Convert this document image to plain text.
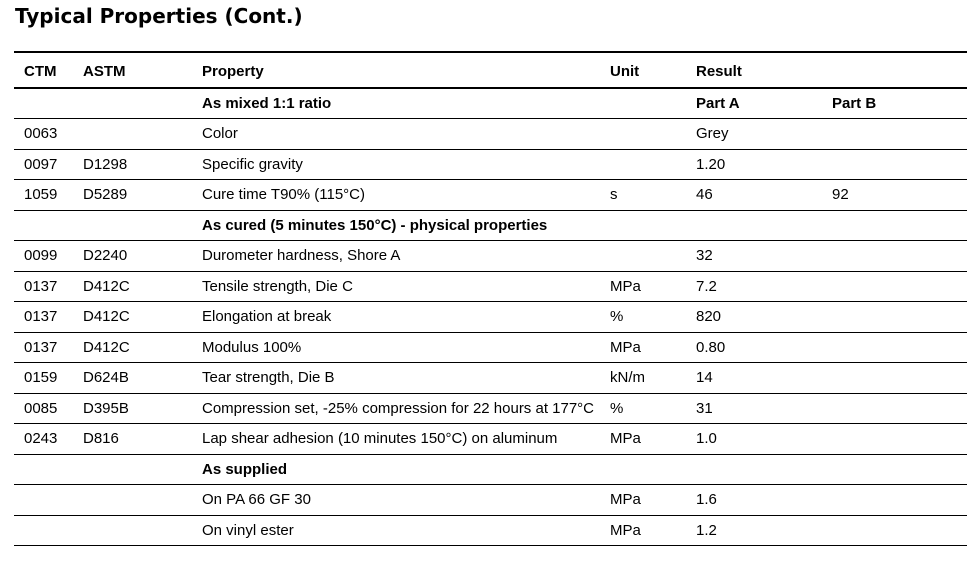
Typical Properties (Cont.)
CTM	ASTM	Property	Unit	Result	
		As mixed 1:1 ratio		Part A	Part B
0063		Color		Grey	
0097	D1298	Specific gravity		1.20	
1059	D5289	Cure time T90% (115°C)	s	46	92
		As cured (5 minutes 150°C) - physical properties			
0099	D2240	Durometer hardness, Shore A		32	
0137	D412C	Tensile strength, Die C	MPa	7.2	
0137	D412C	Elongation at break	%	820	
0137	D412C	Modulus 100%	MPa	0.80	
0159	D624B	Tear strength, Die B	kN/m	14	
0085	D395B	Compression set, -25% compression for 22 hours at 177°C	%	31	
0243	D816	Lap shear adhesion (10 minutes 150°C) on aluminum	MPa	1.0	
		As supplied			
		On PA 66 GF 30	MPa	1.6	
		On vinyl ester	MPa	1.2	
